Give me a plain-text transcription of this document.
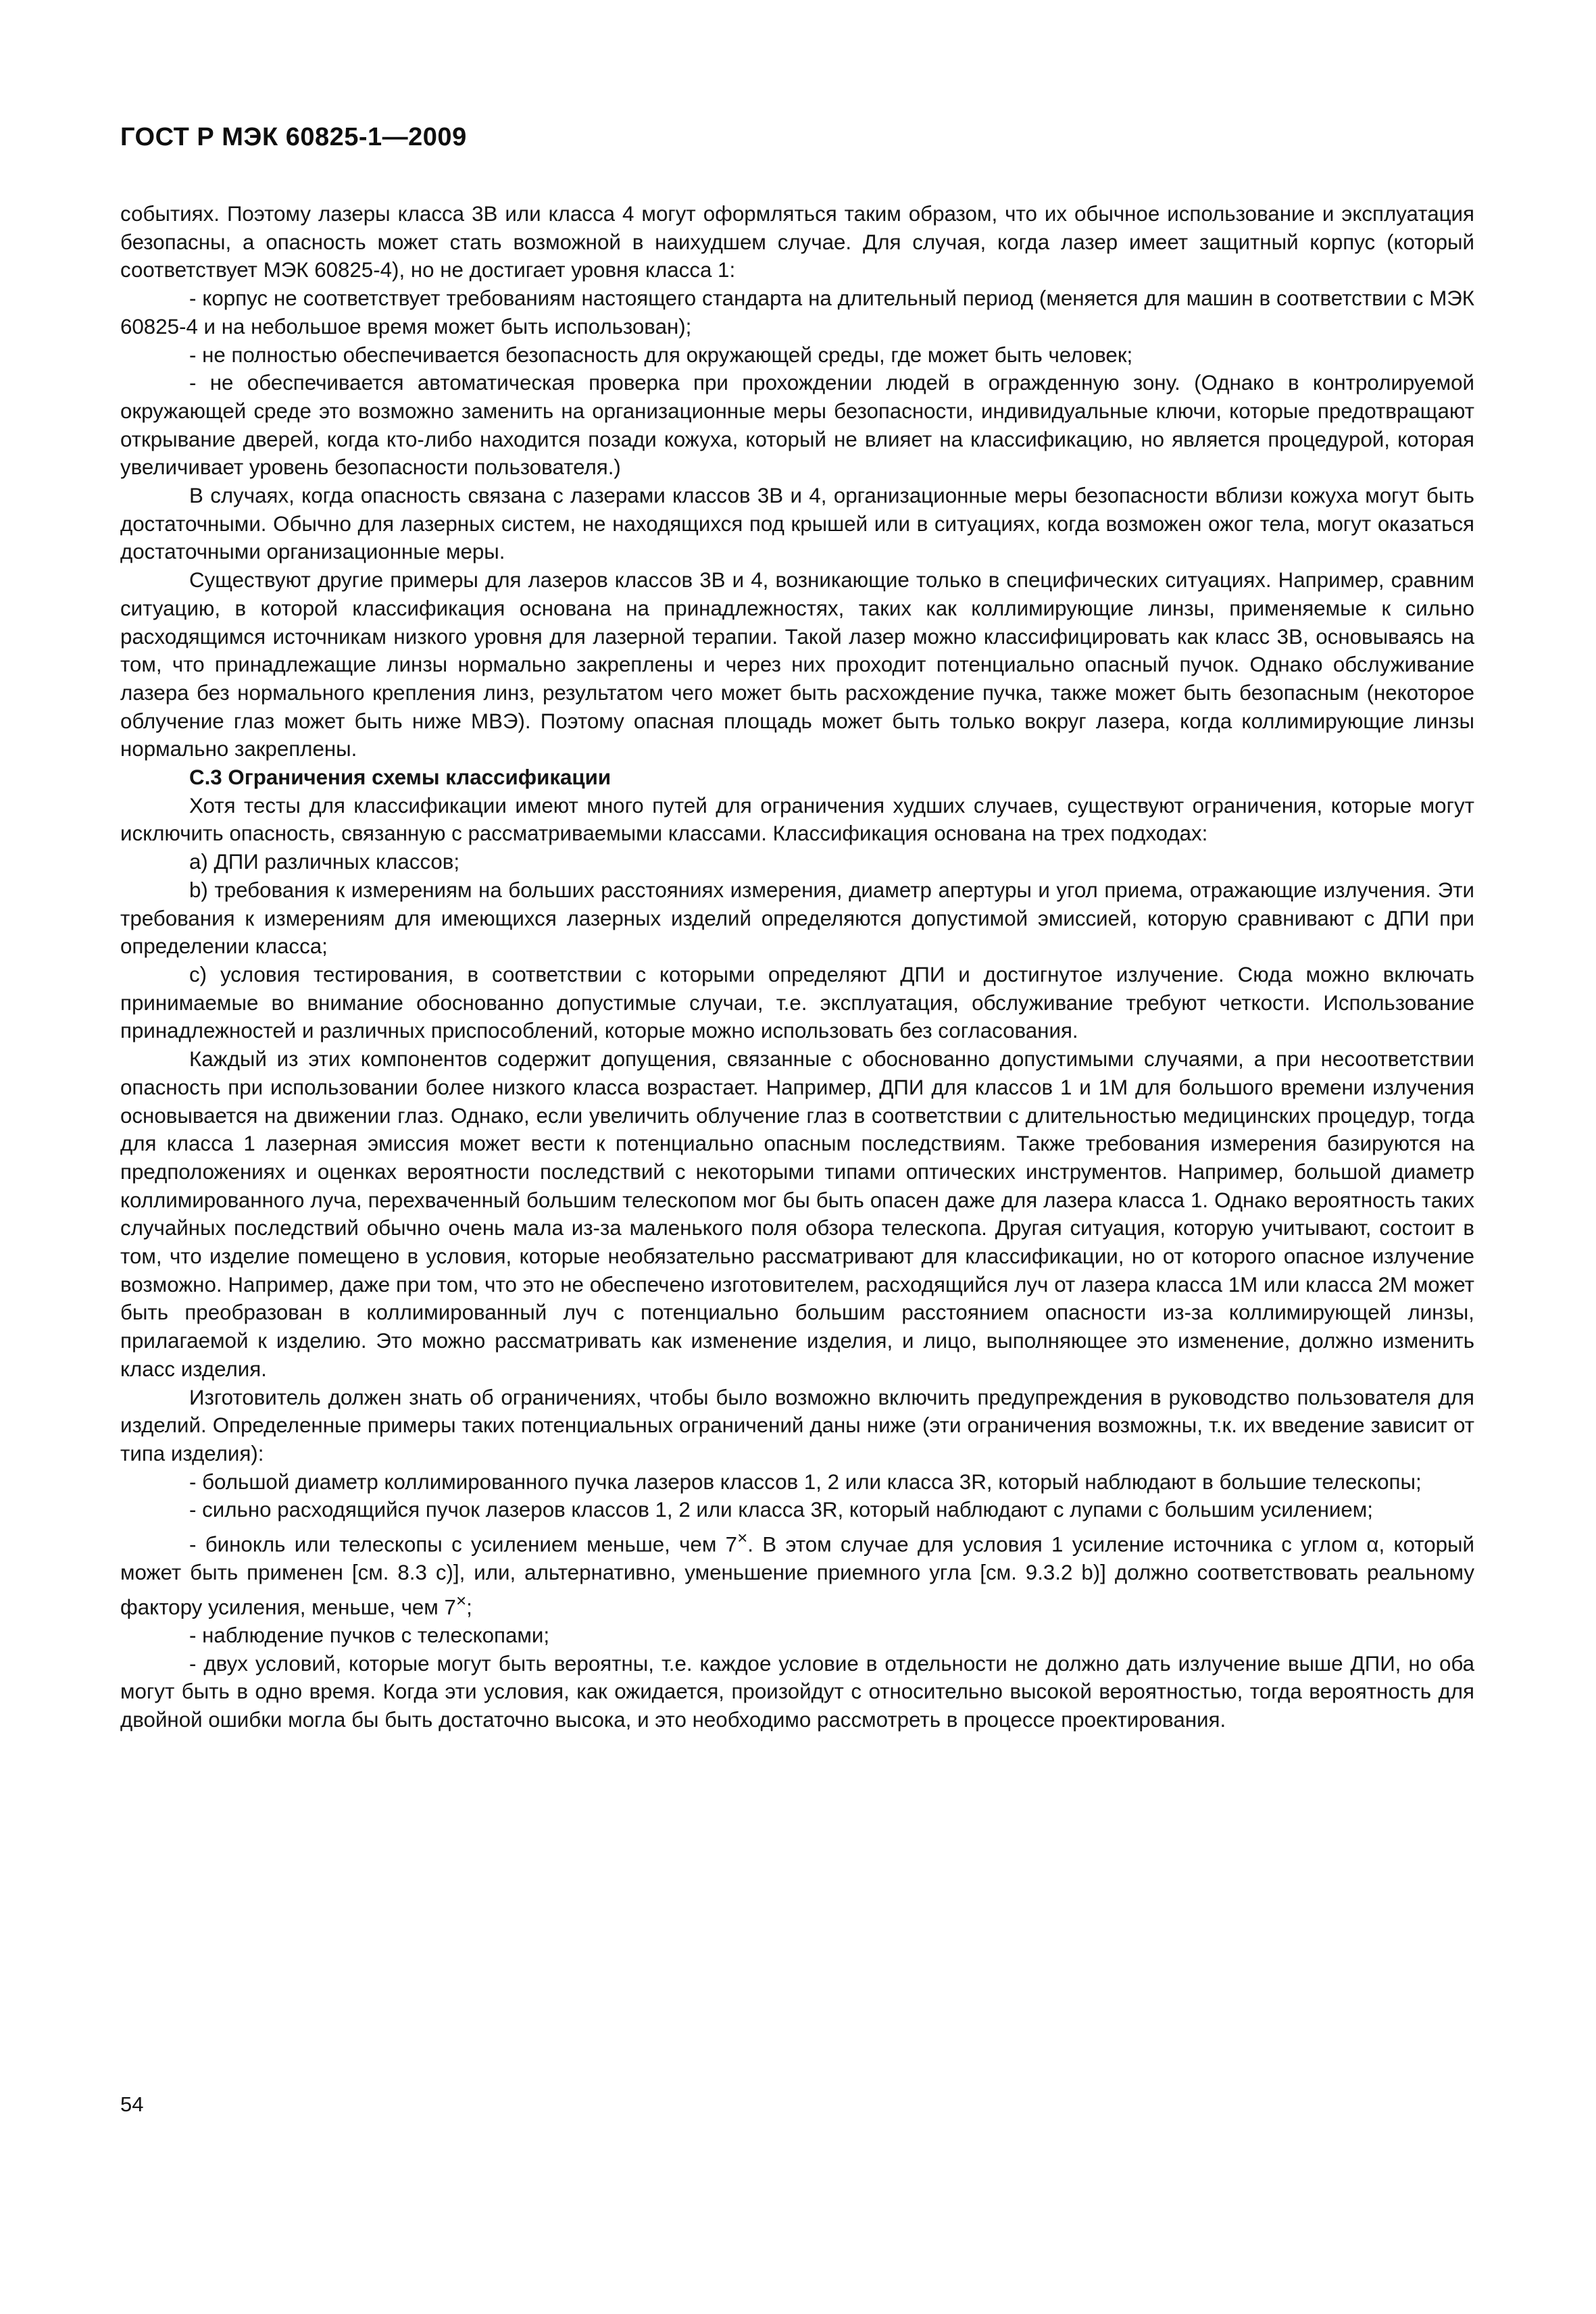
ГОСТ Р МЭК 60825-1—2009

событиях. Поэтому лазеры класса 3В или класса 4 могут оформляться таким образом, что их обычное использование и эксплуатация безопасны, а опасность может стать возможной в наихудшем случае. Для случая, когда лазер имеет защитный корпус (который соответствует МЭК 60825-4), но не достигает уровня класса 1:

- корпус не соответствует требованиям настоящего стандарта на длительный период (меняется для машин в соответствии с МЭК 60825-4 и на небольшое время может быть использован);

- не полностью обеспечивается безопасность для окружающей среды, где может быть человек;

- не обеспечивается автоматическая проверка при прохождении людей в огражденную зону. (Однако в контролируемой окружающей среде это возможно заменить на организационные меры безопасности, индивидуальные ключи, которые предотвращают открывание дверей, когда кто-либо находится позади кожуха, который не влияет на классификацию, но является процедурой, которая увеличивает уровень безопасности пользователя.)

В случаях, когда опасность связана с лазерами классов 3В и 4, организационные меры безопасности вблизи кожуха могут быть достаточными. Обычно для лазерных систем, не находящихся под крышей или в ситуациях, когда возможен ожог тела, могут оказаться достаточными организационные меры.

Существуют другие примеры для лазеров классов 3В и 4, возникающие только в специфических ситуациях. Например, сравним ситуацию, в которой классификация основана на принадлежностях, таких как коллимирующие линзы, применяемые к сильно расходящимся источникам низкого уровня для лазерной терапии. Такой лазер можно классифицировать как класс 3В, основываясь на том, что принадлежащие линзы нормально закреплены и через них проходит потенциально опасный пучок. Однако обслуживание лазера без нормального крепления линз, результатом чего может быть расхождение пучка, также может быть безопасным (некоторое облучение глаз может быть ниже МВЭ). Поэтому опасная площадь может быть только вокруг лазера, когда коллимирующие линзы нормально закреплены.

С.3 Ограничения схемы классификации

Хотя тесты для классификации имеют много путей для ограничения худших случаев, существуют ограничения, которые могут исключить опасность, связанную с рассматриваемыми классами. Классификация основана на трех подходах:

а) ДПИ различных классов;

b) требования к измерениям на больших расстояниях измерения, диаметр апертуры и угол приема, отражающие излучения. Эти требования к измерениям для имеющихся лазерных изделий определяются допустимой эмиссией, которую сравнивают с ДПИ при определении класса;

с) условия тестирования, в соответствии с которыми определяют ДПИ и достигнутое излучение. Сюда можно включать принимаемые во внимание обоснованно допустимые случаи, т.е. эксплуатация, обслуживание требуют четкости. Использование принадлежностей и различных приспособлений, которые можно использовать без согласования.

Каждый из этих компонентов содержит допущения, связанные с обоснованно допустимыми случаями, а при несоответствии опасность при использовании более низкого класса возрастает. Например, ДПИ для классов 1 и 1М для большого времени излучения основывается на движении глаз. Однако, если увеличить облучение глаз в соответствии с длительностью медицинских процедур, тогда для класса 1 лазерная эмиссия может вести к потенциально опасным последствиям. Также требования измерения базируются на предположениях и оценках вероятности последствий с некоторыми типами оптических инструментов. Например, большой диаметр коллимированного луча, перехваченный большим телескопом мог бы быть опасен даже для лазера класса 1. Однако вероятность таких случайных последствий обычно очень мала из-за маленького поля обзора телескопа. Другая ситуация, которую учитывают, состоит в том, что изделие помещено в условия, которые необязательно рассматривают для классификации, но от которого опасное излучение возможно. Например, даже при том, что это не обеспечено изготовителем, расходящийся луч от лазера класса 1М или класса 2М может быть преобразован в коллимированный луч с потенциально большим расстоянием опасности из-за коллимирующей линзы, прилагаемой к изделию. Это можно рассматривать как изменение изделия, и лицо, выполняющее это изменение, должно изменить класс изделия.

Изготовитель должен знать об ограничениях, чтобы было возможно включить предупреждения в руководство пользователя для изделий. Определенные примеры таких потенциальных ограничений даны ниже (эти ограничения возможны, т.к. их введение зависит от типа изделия):

- большой диаметр коллимированного пучка лазеров классов 1, 2 или класса 3R, который наблюдают в большие телескопы;

- сильно расходящийся пучок лазеров классов 1, 2 или класса 3R, который наблюдают с лупами с большим усилением;

- бинокль или телескопы с усилением меньше, чем 7×. В этом случае для условия 1 усиление источника с углом α, который может быть применен [см. 8.3 с)], или, альтернативно, уменьшение приемного угла [см. 9.3.2 b)] должно соответствовать реальному фактору усиления, меньше, чем 7×;

- наблюдение пучков с телескопами;

- двух условий, которые могут быть вероятны, т.е. каждое условие в отдельности не должно дать излучение выше ДПИ, но оба могут быть в одно время. Когда эти условия, как ожидается, произойдут с относительно высокой вероятностью, тогда вероятность для двойной ошибки могла бы быть достаточно высока, и это необходимо рассмотреть в процессе проектирования.

54
